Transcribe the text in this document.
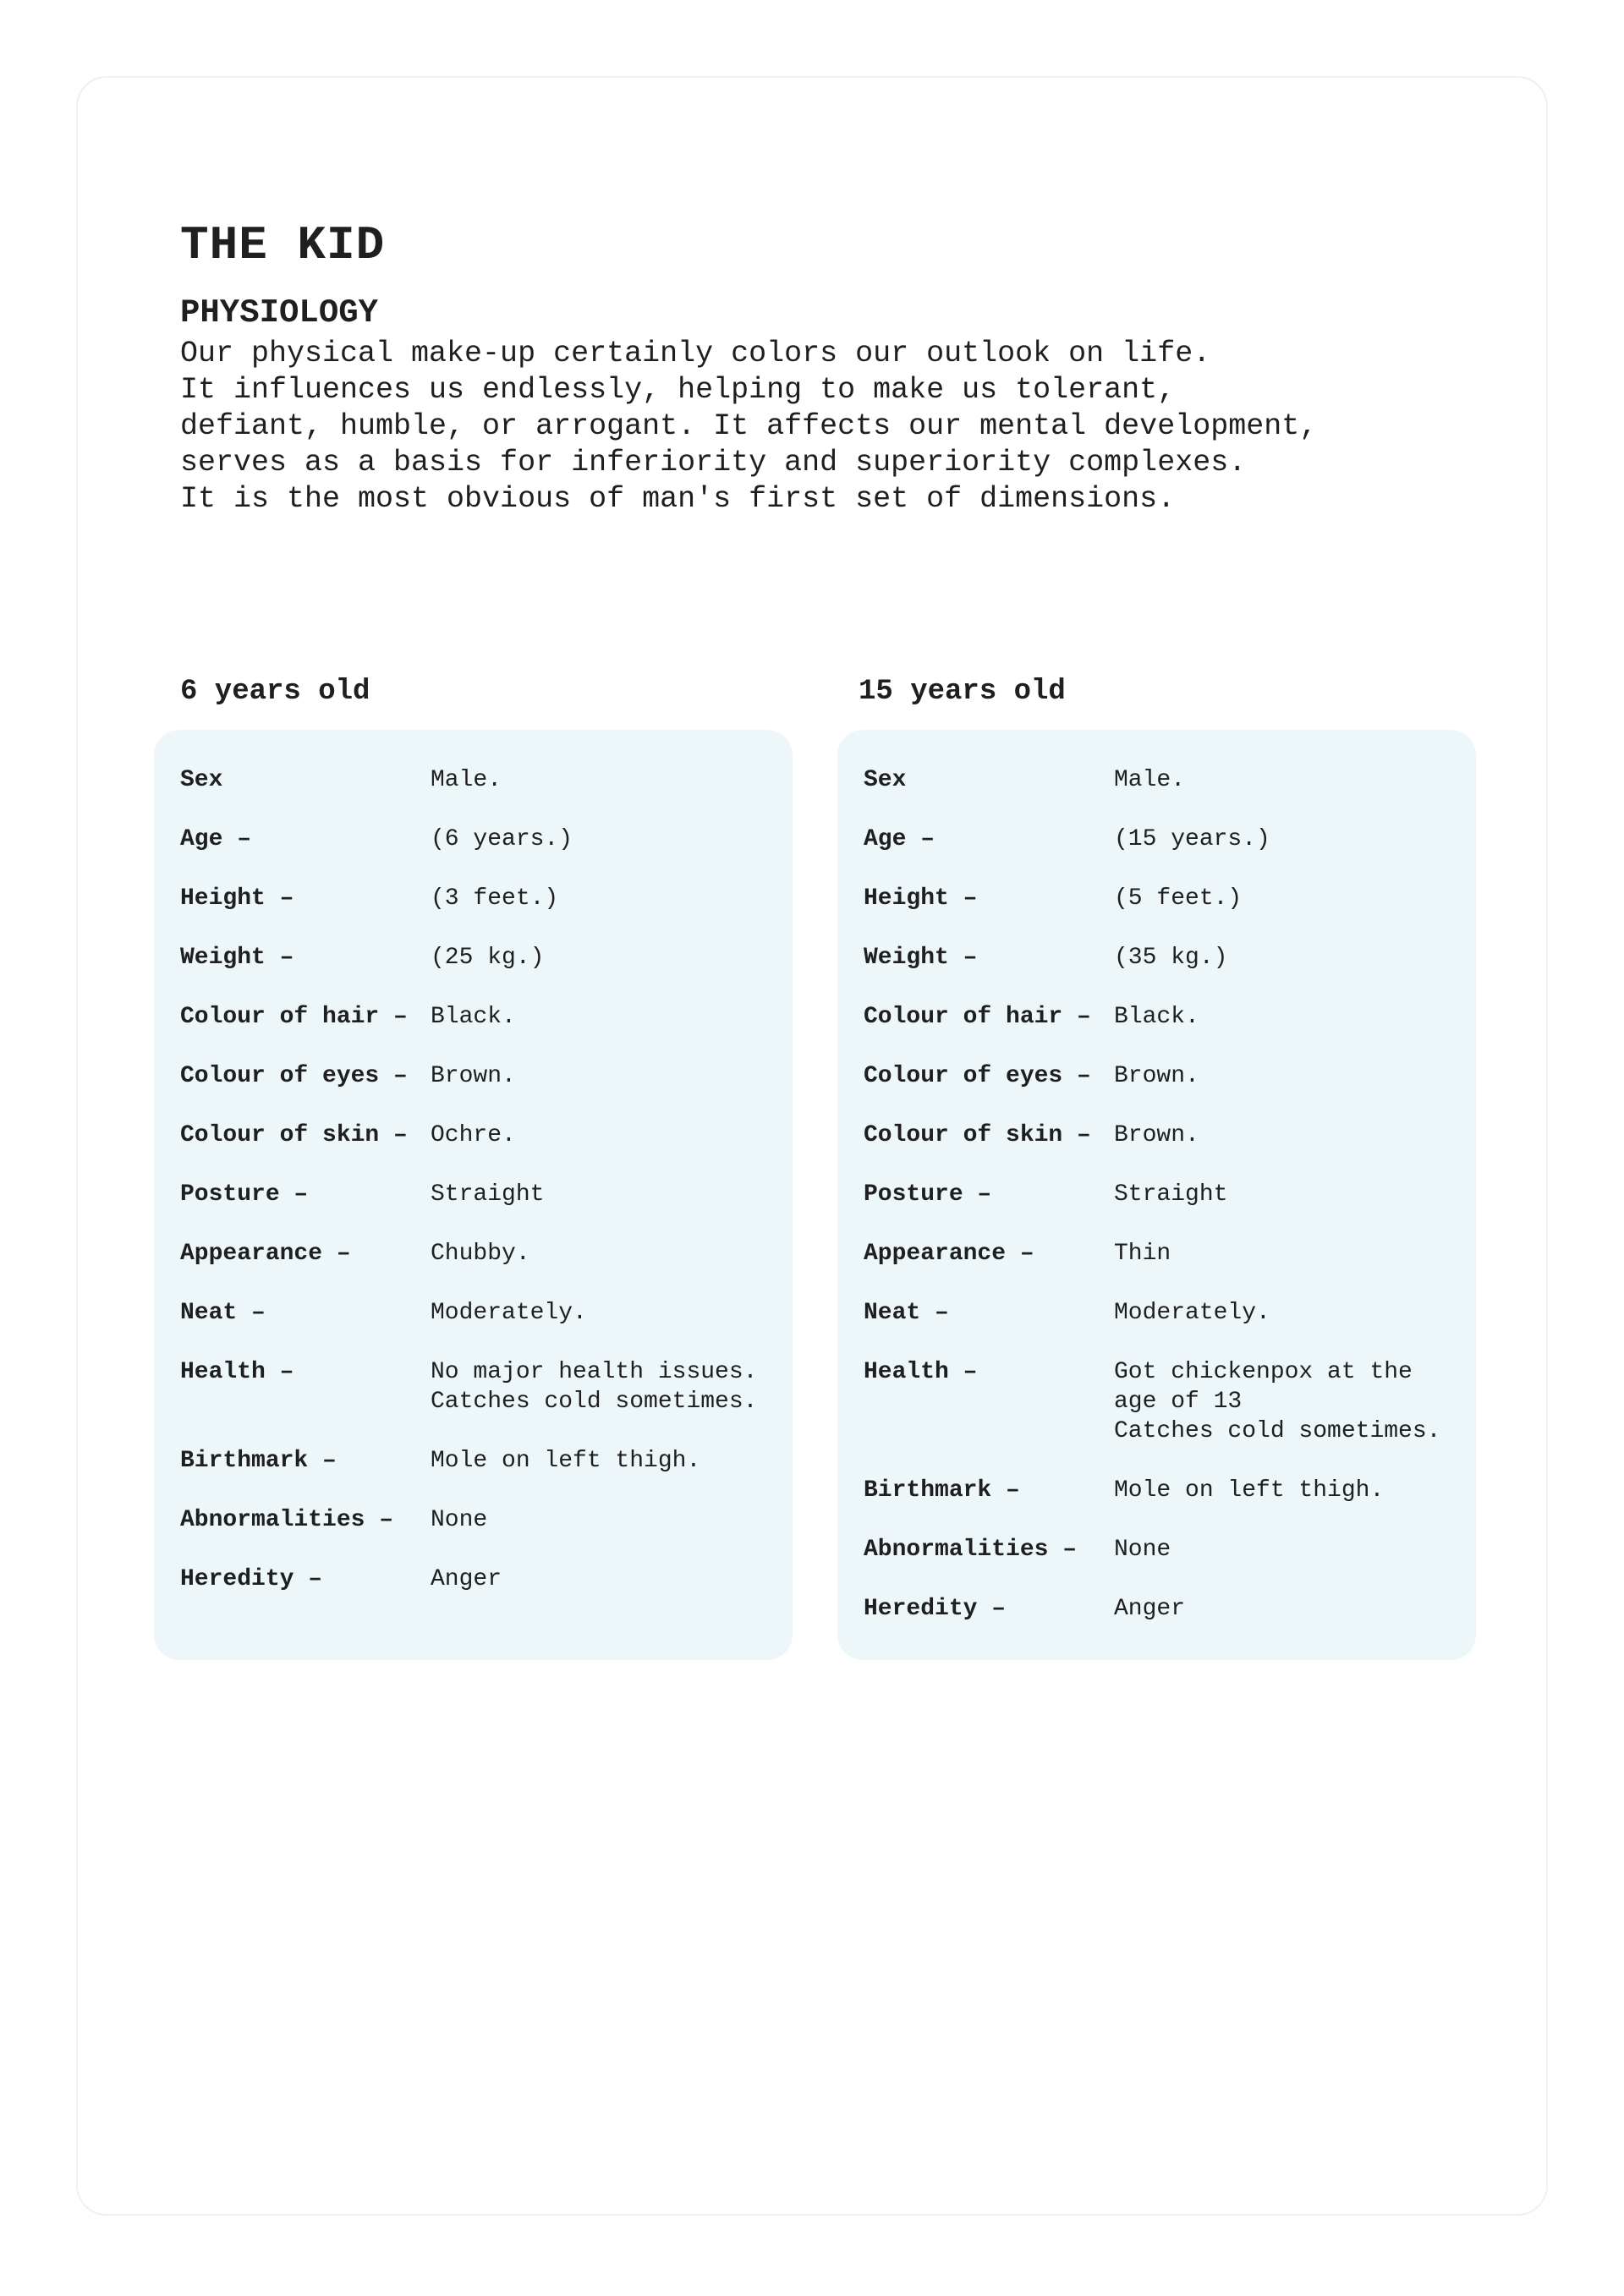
THE KID
PHYSIOLOGY
Our physical make-up certainly colors our outlook on life.
It influences us endlessly, helping to make us tolerant,
defiant, humble, or arrogant. It affects our mental development,
serves as a basis for inferiority and superiority complexes.
It is the most obvious of man's first set of dimensions.
6 years old	15 years old
Sex	Male.
Age –	(6 years.)
Height –	(3 feet.)
Weight –	(25 kg.)
Colour of hair – Black.
Colour of eyes – Brown.
Colour of skin – Ochre.
Posture –	Straight
Appearance –	Chubby.
Neat –	Moderately.
Health –	No major health issues.
Catches cold sometimes.
Birthmark –	Mole on left thigh.
Abnormalities –	None
Heredity –	Anger
Sex	Male.
Age –	(15 years.)
Height –	(5 feet.)
Weight –	(35 kg.)
Colour of hair – Black.
Colour of eyes – Brown.
Colour of skin – Brown.
Posture –	Straight
Appearance –	Thin
Neat –	Moderately.
Health –	Got chickenpox at the
age of 13
Catches cold sometimes.
Birthmark –	Mole on left thigh.
Abnormalities –	None
Heredity –	Anger
